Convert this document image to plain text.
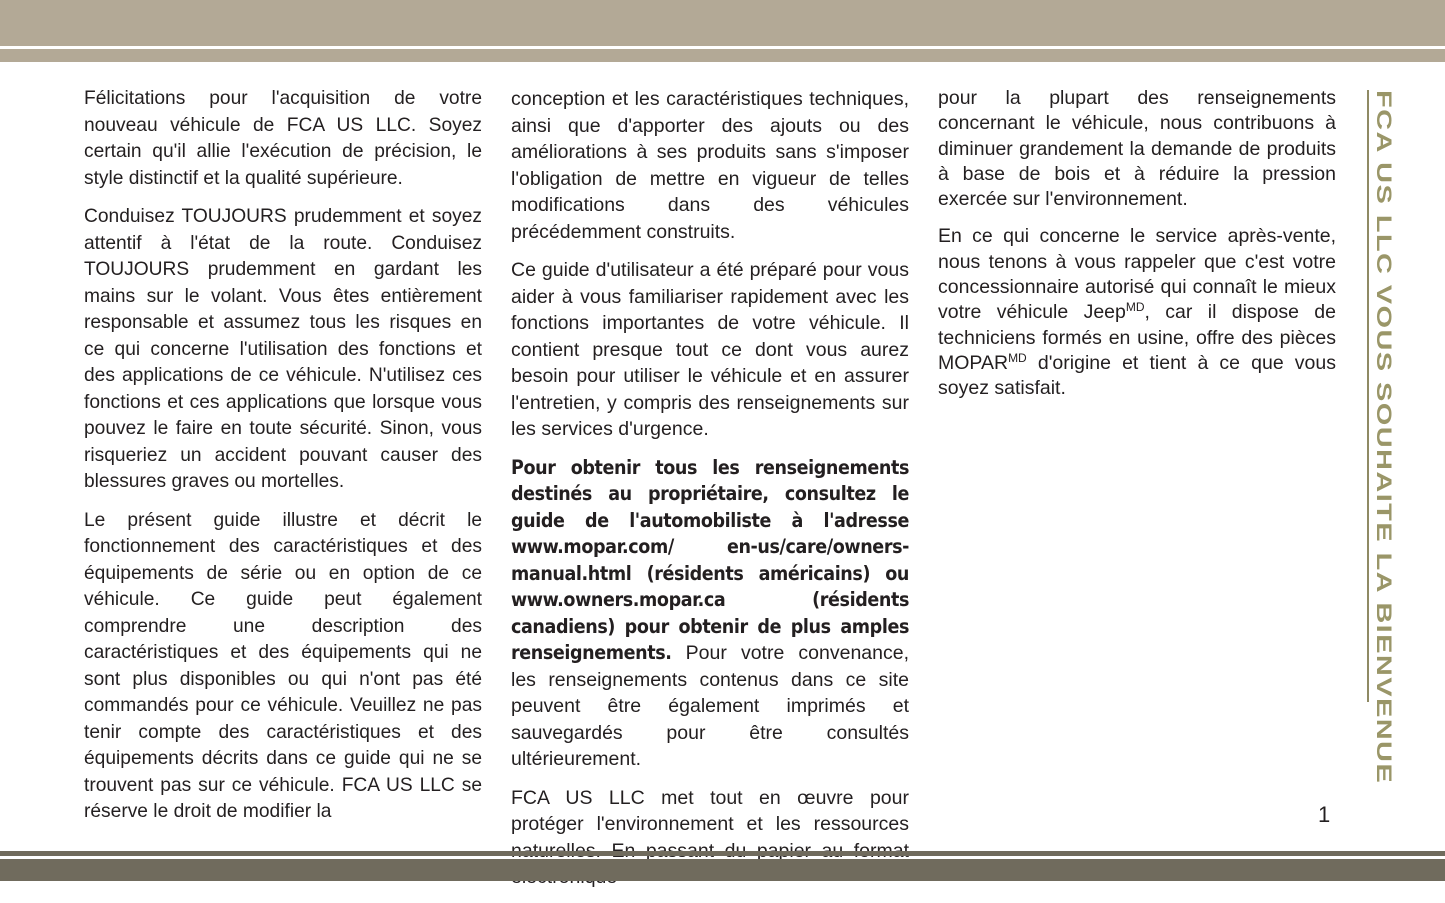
Félicitations pour l'acquisition de votre nouveau véhicule de FCA US LLC. Soyez certain qu'il allie l'exécution de précision, le style distinctif et la qualité supérieure.

Conduisez TOUJOURS prudemment et soyez attentif à l'état de la route. Conduisez TOUJOURS prudemment en gardant les mains sur le volant. Vous êtes entièrement responsable et assumez tous les risques en ce qui concerne l'utilisation des fonctions et des applications de ce véhicule. N'utilisez ces fonctions et ces applications que lorsque vous pouvez le faire en toute sécurité. Sinon, vous risqueriez un accident pouvant causer des blessures graves ou mortelles.

Le présent guide illustre et décrit le fonctionnement des caractéristiques et des équipements de série ou en option de ce véhicule. Ce guide peut également comprendre une description des caractéristiques et des équipements qui ne sont plus disponibles ou qui n'ont pas été commandés pour ce véhicule. Veuillez ne pas tenir compte des caractéristiques et des équipements décrits dans ce guide qui ne se trouvent pas sur ce véhicule. FCA US LLC se réserve le droit de modifier la

conception et les caractéristiques techniques, ainsi que d'apporter des ajouts ou des améliorations à ses produits sans s'imposer l'obligation de mettre en vigueur de telles modifications dans des véhicules précédemment construits.

Ce guide d'utilisateur a été préparé pour vous aider à vous familiariser rapidement avec les fonctions importantes de votre véhicule. Il contient presque tout ce dont vous aurez besoin pour utiliser le véhicule et en assurer l'entretien, y compris des renseignements sur les services d'urgence.

Pour obtenir tous les renseignements destinés au propriétaire, consultez le guide de l'automobiliste à l'adresse www.mopar.com/ en-us/care/owners-manual.html (résidents américains) ou www.owners.mopar.ca (résidents canadiens) pour obtenir de plus amples renseignements. Pour votre convenance, les renseignements contenus dans ce site peuvent être également imprimés et sauvegardés pour être consultés ultérieurement.

FCA US LLC met tout en œuvre pour protéger l'environnement et les ressources

pour la plupart des renseignements concernant le véhicule, nous contribuons à diminuer grandement la demande de produits à base de bois et à réduire la pression exercée sur l'environnement.

En ce qui concerne le service après-vente, nous tenons à vous rappeler que c'est votre concessionnaire autorisé qui connaît le mieux votre véhicule Jeep$^{MD}$, car il dispose de techniciens formés en usine, offre des pièces $MOPAR^{MD}$ d'origine et tient à ce que vous soyez satisfait.	FCA US LLC VOUS SOUHAITE LA BIENVENUE
1
